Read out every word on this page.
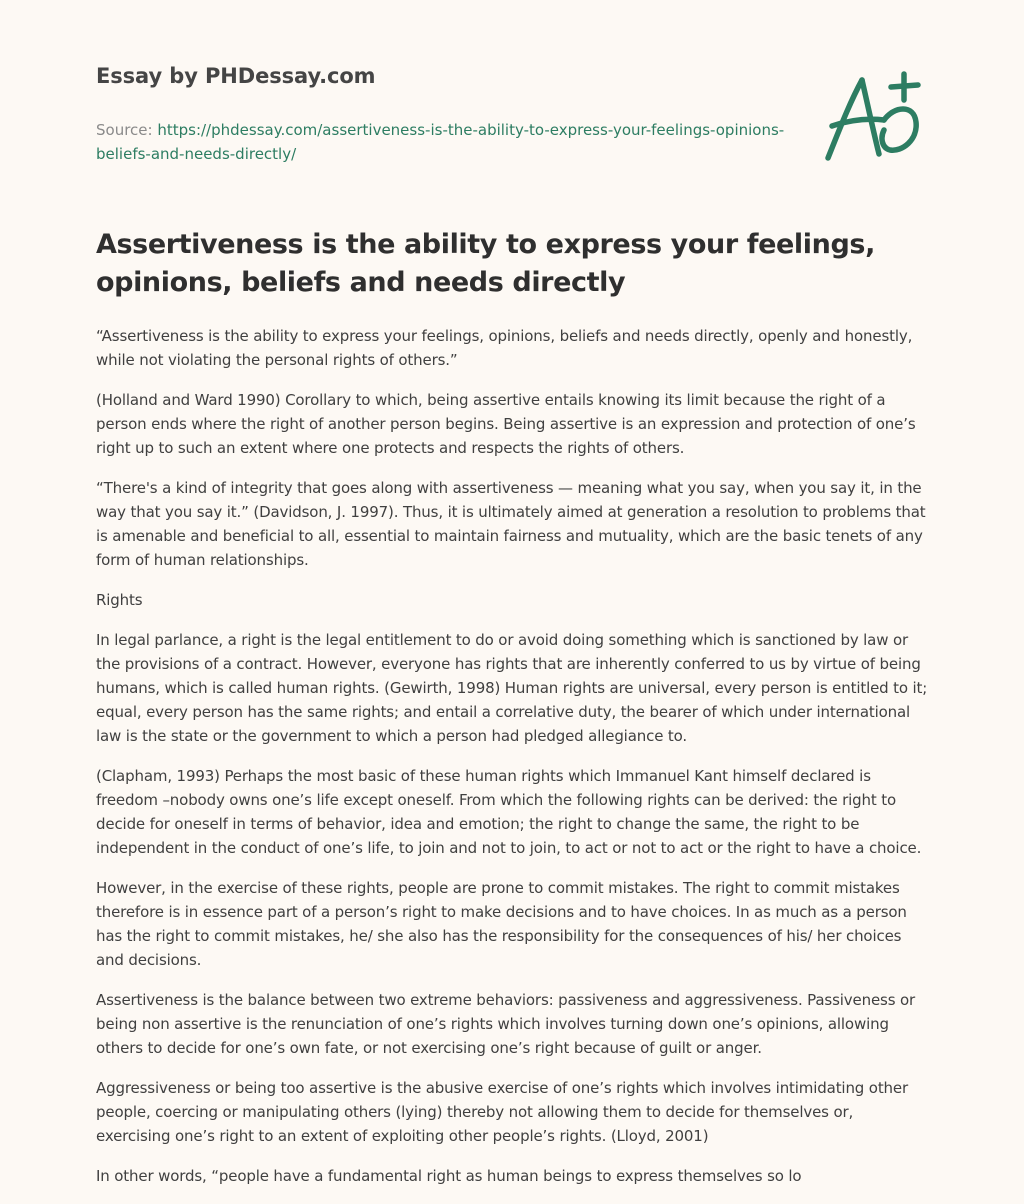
Essay by PHDessay.com
Source: https://phdessay.com/assertiveness-is-the-ability-to-express-your-feelings-opinions-beliefs-and-needs-directly/
Assertiveness is the ability to express your feelings, opinions, beliefs and needs directly

“Assertiveness is the ability to express your feelings, opinions, beliefs and needs directly, openly and honestly, while not violating the personal rights of others.”

(Holland and Ward 1990) Corollary to which, being assertive entails knowing its limit because the right of a person ends where the right of another person begins. Being assertive is an expression and protection of one’s right up to such an extent where one protects and respects the rights of others.

“There's a kind of integrity that goes along with assertiveness — meaning what you say, when you say it, in the way that you say it.” (Davidson, J. 1997). Thus, it is ultimately aimed at generation a resolution to problems that is amenable and beneficial to all, essential to maintain fairness and mutuality, which are the basic tenets of any form of human relationships.

Rights

In legal parlance, a right is the legal entitlement to do or avoid doing something which is sanctioned by law or the provisions of a contract. However, everyone has rights that are inherently conferred to us by virtue of being humans, which is called human rights. (Gewirth, 1998) Human rights are universal, every person is entitled to it; equal, every person has the same rights; and entail a correlative duty, the bearer of which under international law is the state or the government to which a person had pledged allegiance to.

(Clapham, 1993) Perhaps the most basic of these human rights which Immanuel Kant himself declared is freedom –nobody owns one’s life except oneself. From which the following rights can be derived: the right to decide for oneself in terms of behavior, idea and emotion; the right to change the same, the right to be independent in the conduct of one’s life, to join and not to join, to act or not to act or the right to have a choice.

However, in the exercise of these rights, people are prone to commit mistakes. The right to commit mistakes therefore is in essence part of a person’s right to make decisions and to have choices. In as much as a person has the right to commit mistakes, he/ she also has the responsibility for the consequences of his/ her choices and decisions.

Assertiveness is the balance between two extreme behaviors: passiveness and aggressiveness. Passiveness or being non assertive is the renunciation of one’s rights which involves turning down one’s opinions, allowing others to decide for one’s own fate, or not exercising one’s right because of guilt or anger.

Aggressiveness or being too assertive is the abusive exercise of one’s rights which involves intimidating other people, coercing or manipulating others (lying) thereby not allowing them to decide for themselves or, exercising one’s right to an extent of exploiting other people’s rights. (Lloyd, 2001)

In other words, “people have a fundamental right as human beings to express themselves so lo
